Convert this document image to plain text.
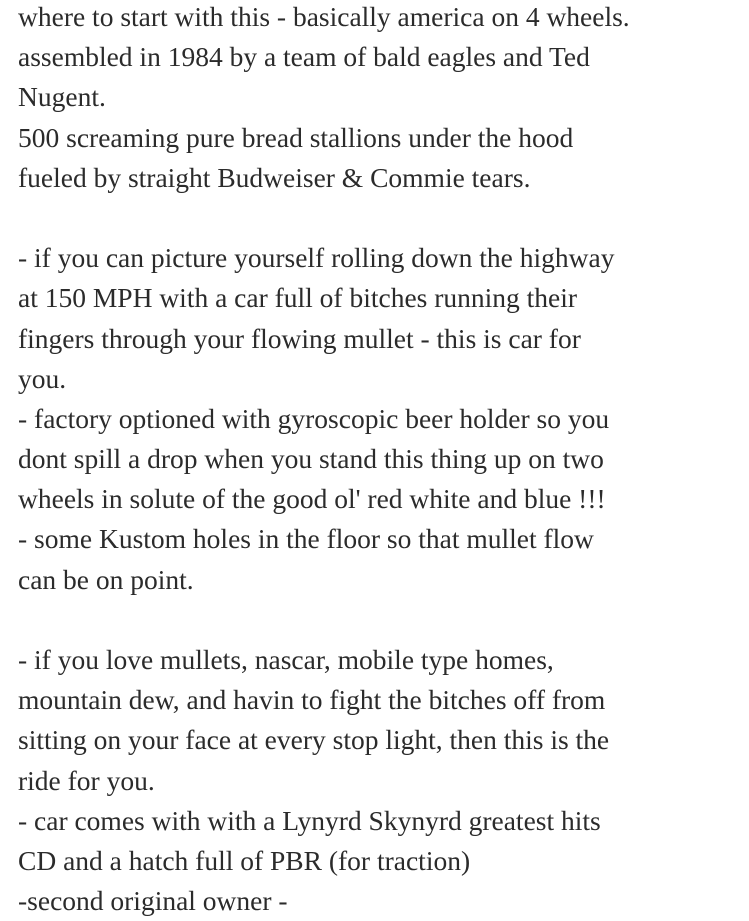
where to start with this - basically america on 4 wheels.
assembled in 1984 by a team of bald eagles and Ted
Nugent.
500 screaming pure bread stallions under the hood
fueled by straight Budweiser & Commie tears.
- if you can picture yourself rolling down the highway
at 150 MPH with a car full of bitches running their
fingers through your flowing mullet - this is car for
you.
- factory optioned with gyroscopic beer holder so you
dont spill a drop when you stand this thing up on two
wheels in solute of the good ol' red white and blue !!!
- some Kustom holes in the floor so that mullet flow
can be on point.
- if you love mullets, nascar, mobile type homes,
mountain dew, and havin to fight the bitches off from
sitting on your face at every stop light, then this is the
ride for you.
- car comes with with a Lynyrd Skynyrd greatest hits
CD and a hatch full of PBR (for traction)
-second original owner -
